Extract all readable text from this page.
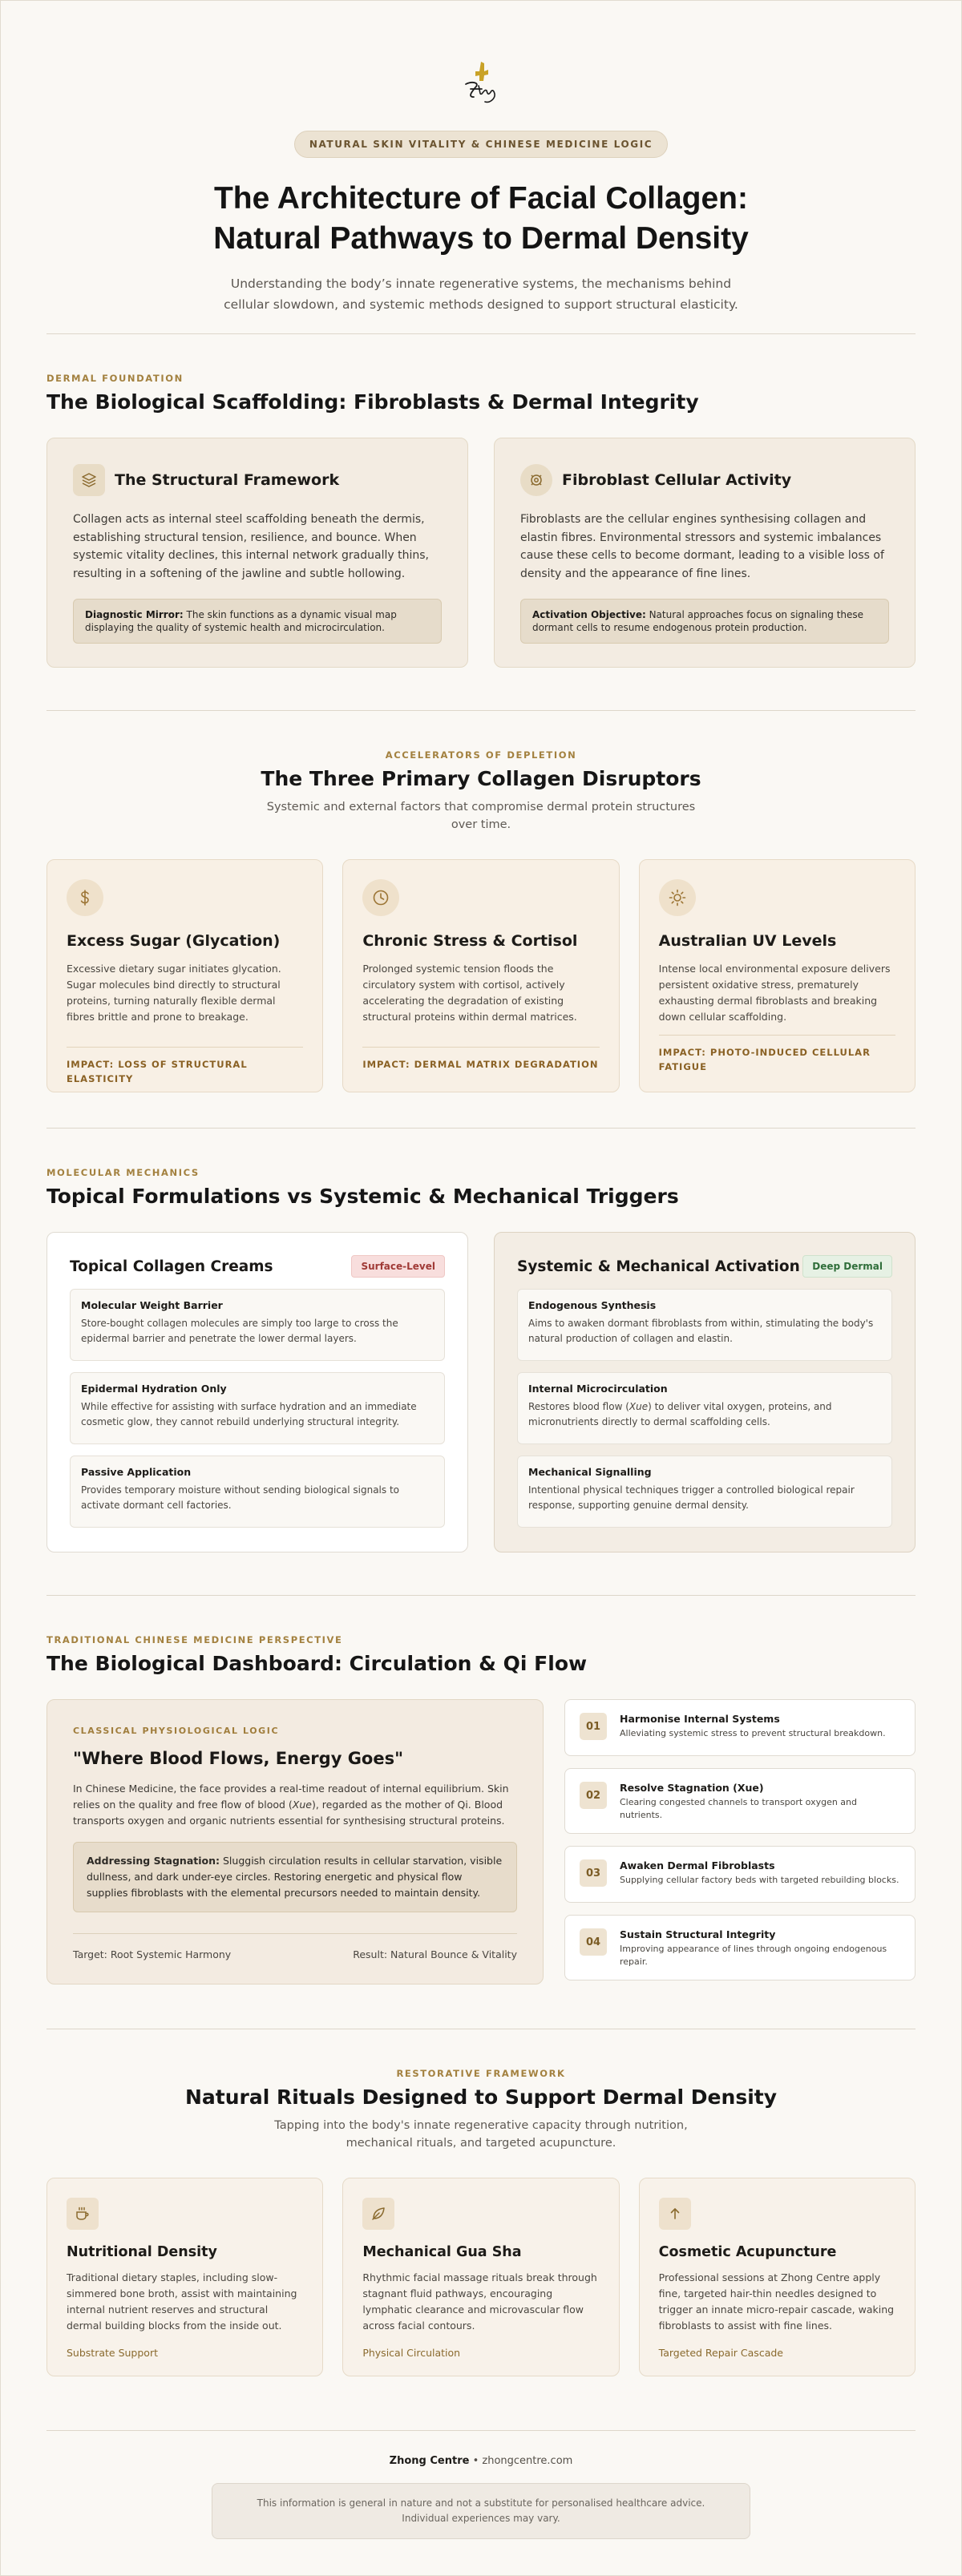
NATURAL SKIN VITALITY & CHINESE MEDICINE LOGIC
The Architecture of Facial Collagen:
Natural Pathways to Dermal Density

Understanding the body’s innate regenerative systems, the mechanisms behind cellular slowdown, and systemic methods designed to support structural elasticity.

DERMAL FOUNDATION
The Biological Scaffolding: Fibroblasts & Dermal Integrity
The Structural Framework

Collagen acts as internal steel scaffolding beneath the dermis, establishing structural tension, resilience, and bounce. When systemic vitality declines, this internal network gradually thins, resulting in a softening of the jawline and subtle hollowing.

Diagnostic Mirror: The skin functions as a dynamic visual map displaying the quality of systemic health and microcirculation.
Fibroblast Cellular Activity

Fibroblasts are the cellular engines synthesising collagen and elastin fibres. Environmental stressors and systemic imbalances cause these cells to become dormant, leading to a visible loss of density and the appearance of fine lines.

Activation Objective: Natural approaches focus on signaling these dormant cells to resume endogenous protein production.
ACCELERATORS OF DEPLETION
The Three Primary Collagen Disruptors

Systemic and external factors that compromise dermal protein structures over time.

Excess Sugar (Glycation)

Excessive dietary sugar initiates glycation. Sugar molecules bind directly to structural proteins, turning naturally flexible dermal fibres brittle and prone to breakage.

IMPACT: LOSS OF STRUCTURAL ELASTICITY
Chronic Stress & Cortisol

Prolonged systemic tension floods the circulatory system with cortisol, actively accelerating the degradation of existing structural proteins within dermal matrices.

IMPACT: DERMAL MATRIX DEGRADATION
Australian UV Levels

Intense local environmental exposure delivers persistent oxidative stress, prematurely exhausting dermal fibroblasts and breaking down cellular scaffolding.

IMPACT: PHOTO-INDUCED CELLULAR FATIGUE
MOLECULAR MECHANICS
Topical Formulations vs Systemic & Mechanical Triggers
Topical Collagen Creams	Surface-Level
Molecular Weight Barrier

Store-bought collagen molecules are simply too large to cross the epidermal barrier and penetrate the lower dermal layers.

Epidermal Hydration Only

While effective for assisting with surface hydration and an immediate cosmetic glow, they cannot rebuild underlying structural integrity.

Passive Application

Provides temporary moisture without sending biological signals to activate dormant cell factories.

Systemic & Mechanical Activation	Deep Dermal
Endogenous Synthesis

Aims to awaken dormant fibroblasts from within, stimulating the body's natural production of collagen and elastin.

Internal Microcirculation

Restores blood flow (Xue) to deliver vital oxygen, proteins, and micronutrients directly to dermal scaffolding cells.

Mechanical Signalling

Intentional physical techniques trigger a controlled biological repair response, supporting genuine dermal density.

TRADITIONAL CHINESE MEDICINE PERSPECTIVE
The Biological Dashboard: Circulation & Qi Flow
CLASSICAL PHYSIOLOGICAL LOGIC
"Where Blood Flows, Energy Goes"

In Chinese Medicine, the face provides a real-time readout of internal equilibrium. Skin relies on the quality and free flow of blood (Xue), regarded as the mother of Qi. Blood transports oxygen and organic nutrients essential for synthesising structural proteins.

Addressing Stagnation: Sluggish circulation results in cellular starvation, visible dullness, and dark under-eye circles. Restoring energetic and physical flow supplies fibroblasts with the elemental precursors needed to maintain density.
Target: Root Systemic Harmony	Result: Natural Bounce & Vitality
01
Harmonise Internal Systems

Alleviating systemic stress to prevent structural breakdown.

02
Resolve Stagnation (Xue)

Clearing congested channels to transport oxygen and nutrients.

03
Awaken Dermal Fibroblasts

Supplying cellular factory beds with targeted rebuilding blocks.

04
Sustain Structural Integrity

Improving appearance of lines through ongoing endogenous repair.

RESTORATIVE FRAMEWORK
Natural Rituals Designed to Support Dermal Density

Tapping into the body's innate regenerative capacity through nutrition, mechanical rituals, and targeted acupuncture.

Nutritional Density

Traditional dietary staples, including slow-simmered bone broth, assist with maintaining internal nutrient reserves and structural dermal building blocks from the inside out.

Substrate Support
Mechanical Gua Sha

Rhythmic facial massage rituals break through stagnant fluid pathways, encouraging lymphatic clearance and microvascular flow across facial contours.

Physical Circulation
Cosmetic Acupuncture

Professional sessions at Zhong Centre apply fine, targeted hair-thin needles designed to trigger an innate micro-repair cascade, waking fibroblasts to assist with fine lines.

Targeted Repair Cascade
Zhong Centre • zhongcentre.com
This information is general in nature and not a substitute for personalised healthcare advice. Individual experiences may vary.
